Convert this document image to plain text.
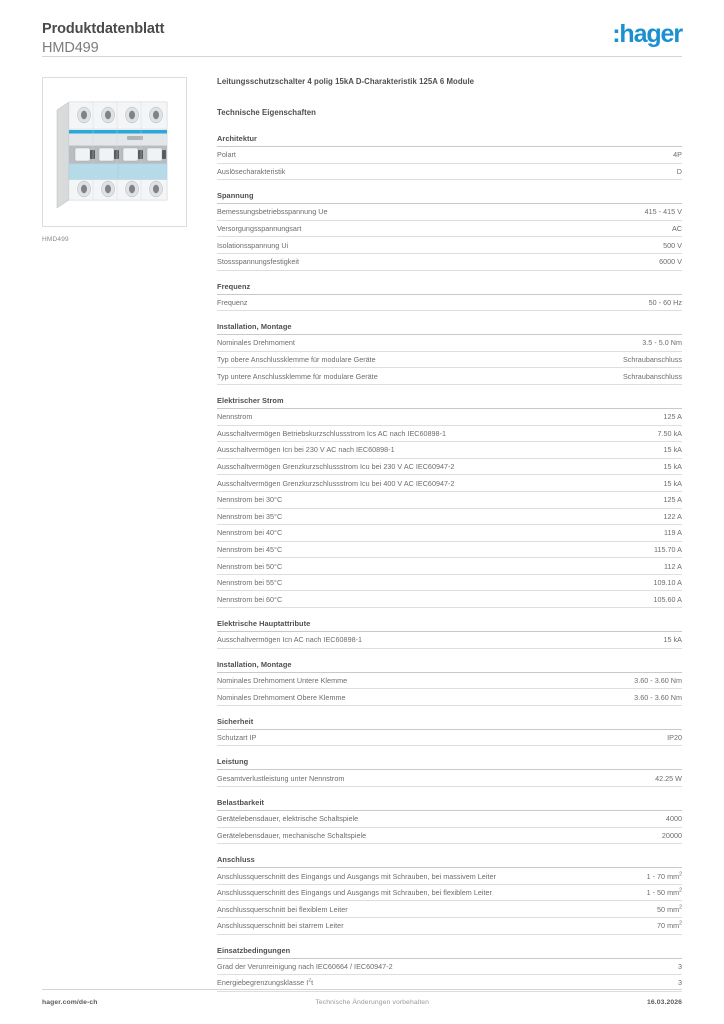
Produktdatenblatt
HMD499
:hager
HMD499
Leitungsschutzschalter 4 polig 15kA D-Charakteristik 125A 6 Module
Technische Eigenschaften
Architektur
Polart	4P
Auslösecharakteristik	D
Spannung
Bemessungsbetriebsspannung Ue	415 - 415 V
Versorgungsspannungsart	AC
Isolationsspannung Ui	500 V
Stossspannungsfestigkeit	6000 V
Frequenz
Frequenz	50 - 60 Hz
Installation, Montage
Nominales Drehmoment	3.5 - 5.0 Nm
Typ obere Anschlussklemme für modulare Geräte	Schraubanschluss
Typ untere Anschlussklemme für modulare Geräte	Schraubanschluss
Elektrischer Strom
Nennstrom	125 A
Ausschaltvermögen Betriebskurzschlussstrom Ics AC nach IEC60898-1	7.50 kA
Ausschaltvermögen Icn bei 230 V AC nach IEC60898-1	15 kA
Ausschaltvermögen Grenzkurzschlussstrom Icu bei 230 V AC IEC60947-2	15 kA
Ausschaltvermögen Grenzkurzschlussstrom Icu bei 400 V AC IEC60947-2	15 kA
Nennstrom bei 30°C	125 A
Nennstrom bei 35°C	122 A
Nennstrom bei 40°C	119 A
Nennstrom bei 45°C	115.70 A
Nennstrom bei 50°C	112 A
Nennstrom bei 55°C	109.10 A
Nennstrom bei 60°C	105.60 A
Elektrische Hauptattribute
Ausschaltvermögen Icn AC nach IEC60898-1	15 kA
Installation, Montage
Nominales Drehmoment Untere Klemme	3.60 - 3.60 Nm
Nominales Drehmoment Obere Klemme	3.60 - 3.60 Nm
Sicherheit
Schutzart IP	IP20
Leistung
Gesamtverlustleistung unter Nennstrom	42.25 W
Belastbarkeit
Gerätelebensdauer, elektrische Schaltspiele	4000
Gerätelebensdauer, mechanische Schaltspiele	20000
Anschluss
Anschlussquerschnitt des Eingangs und Ausgangs mit Schrauben, bei massivem Leiter	1 - 70 $mm^2$
Anschlussquerschnitt des Eingangs und Ausgangs mit Schrauben, bei flexiblem Leiter	1 - 50 $mm^2$
Anschlussquerschnitt bei flexiblem Leiter	50 $mm^2$
Anschlussquerschnitt bei starrem Leiter	70 $mm^2$
Einsatzbedingungen
Grad der Verunreinigung nach IEC60664 / IEC60947-2	3
Energiebegrenzungsklasse $I^2t$	3
hager.com/de-ch	Technische Änderungen vorbehalten	16.03.2026
